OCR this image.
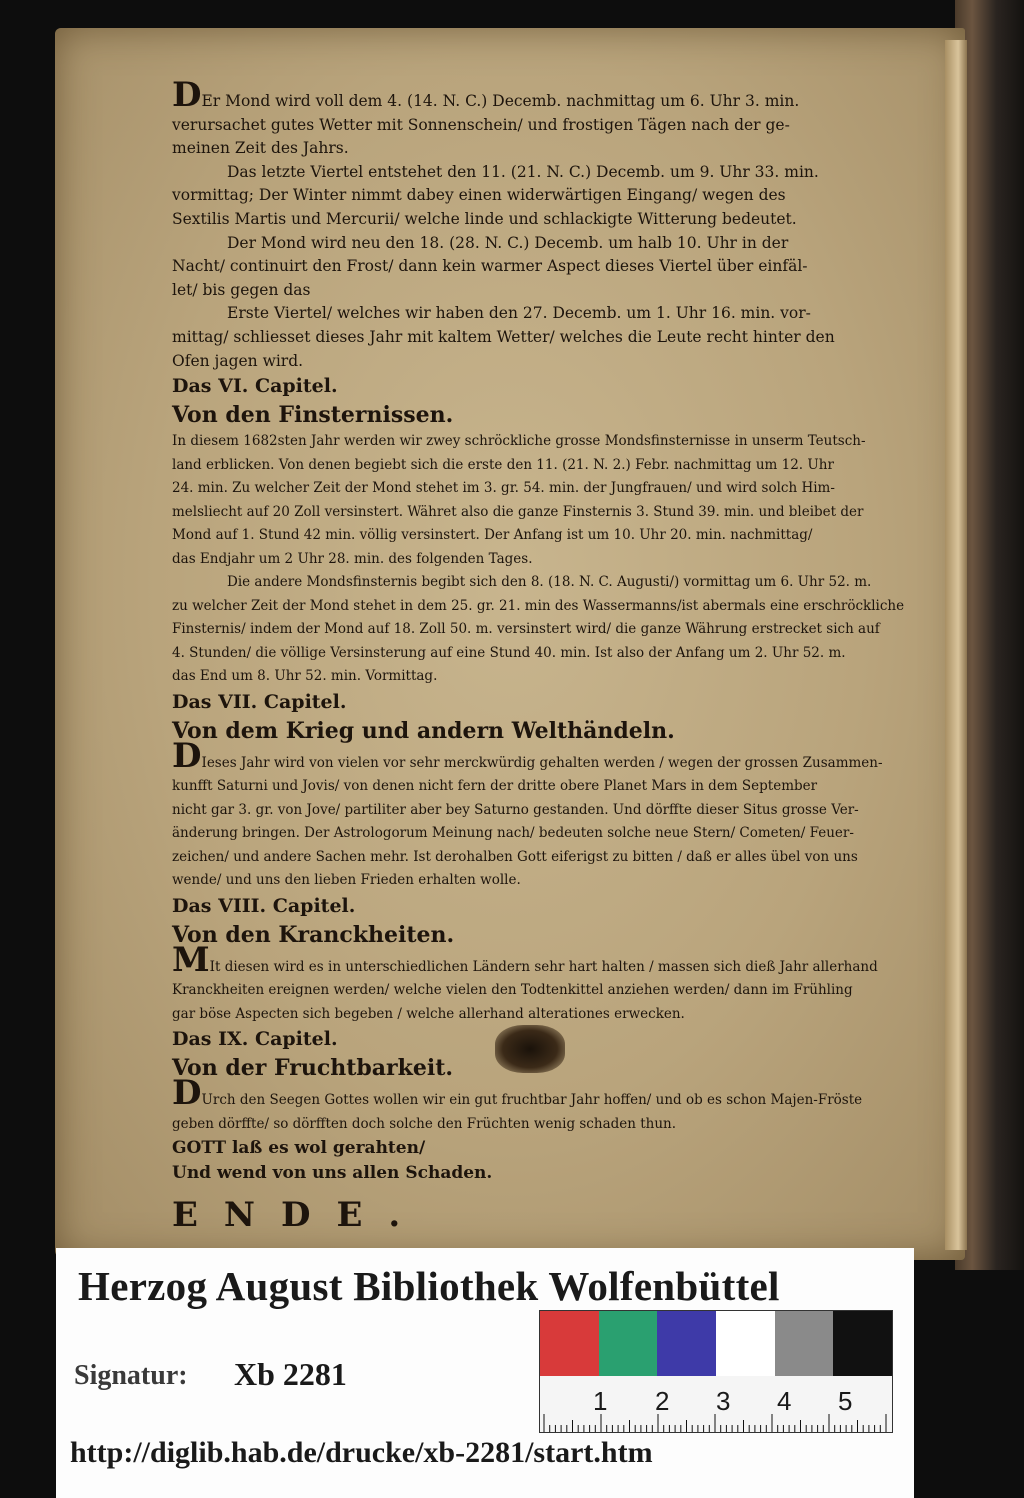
DEr Mond wird voll dem 4. (14. N. C.) Decemb. nachmittag um 6. Uhr 3. min.

verursachet gutes Wetter mit Sonnenschein/ und frostigen Tägen nach der ge-

meinen Zeit des Jahrs.

Das letzte Viertel entstehet den 11. (21. N. C.) Decemb. um 9. Uhr 33. min.

vormittag; Der Winter nimmt dabey einen widerwärtigen Eingang/ wegen des

Sextilis Martis und Mercurii/ welche linde und schlackigte Witterung bedeutet.

Der Mond wird neu den 18. (28. N. C.) Decemb. um halb 10. Uhr in der

Nacht/ continuirt den Frost/ dann kein warmer Aspect dieses Viertel über einfäl-

let/ bis gegen das

Erste Viertel/ welches wir haben den 27. Decemb. um 1. Uhr 16. min. vor-

mittag/ schliesset dieses Jahr mit kaltem Wetter/ welches die Leute recht hinter den

Ofen jagen wird.

Das VI. Capitel.

Von den Finsternissen.

In diesem 1682sten Jahr werden wir zwey schröckliche grosse Mondsfinsternisse in unserm Teutsch-

land erblicken. Von denen begiebt sich die erste den 11. (21. N. 2.) Febr. nachmittag um 12. Uhr

24. min. Zu welcher Zeit der Mond stehet im 3. gr. 54. min. der Jungfrauen/ und wird solch Him-

melsliecht auf 20 Zoll versinstert. Währet also die ganze Finsternis 3. Stund 39. min. und bleibet der

Mond auf 1. Stund 42 min. völlig versinstert. Der Anfang ist um 10. Uhr 20. min. nachmittag/

das Endjahr um 2 Uhr 28. min. des folgenden Tages.

Die andere Mondsfinsternis begibt sich den 8. (18. N. C. Augusti/) vormittag um 6. Uhr 52. m.

zu welcher Zeit der Mond stehet in dem 25. gr. 21. min des Wassermanns/ist abermals eine erschröckliche

Finsternis/ indem der Mond auf 18. Zoll 50. m. versinstert wird/ die ganze Währung erstrecket sich auf

4. Stunden/ die völlige Versinsterung auf eine Stund 40. min. Ist also der Anfang um 2. Uhr 52. m.

das End um 8. Uhr 52. min. Vormittag.

Das VII. Capitel.

Von dem Krieg und andern Welthändeln.

DIeses Jahr wird von vielen vor sehr merckwürdig gehalten werden / wegen der grossen Zusammen-

kunfft Saturni und Jovis/ von denen nicht fern der dritte obere Planet Mars in dem September

nicht gar 3. gr. von Jove/ partiliter aber bey Saturno gestanden. Und dörffte dieser Situs grosse Ver-

änderung bringen. Der Astrologorum Meinung nach/ bedeuten solche neue Stern/ Cometen/ Feuer-

zeichen/ und andere Sachen mehr. Ist derohalben Gott eiferigst zu bitten / daß er alles übel von uns

wende/ und uns den lieben Frieden erhalten wolle.

Das VIII. Capitel.

Von den Kranckheiten.

MIt diesen wird es in unterschiedlichen Ländern sehr hart halten / massen sich dieß Jahr allerhand

Kranckheiten ereignen werden/ welche vielen den Todtenkittel anziehen werden/ dann im Frühling

gar böse Aspecten sich begeben / welche allerhand alterationes erwecken.

Das IX. Capitel.

Von der Fruchtbarkeit.

DUrch den Seegen Gottes wollen wir ein gut fruchtbar Jahr hoffen/ und ob es schon Majen-Fröste

geben dörffte/ so dörfften doch solche den Früchten wenig schaden thun.

GOTT laß es wol gerahten/

Und wend von uns allen Schaden.

ENDE.

Herzog August Bibliothek Wolfenbüttel
1 2 3 4 5
Signatur: Xb 2281
http://diglib.hab.de/drucke/xb-2281/start.htm
